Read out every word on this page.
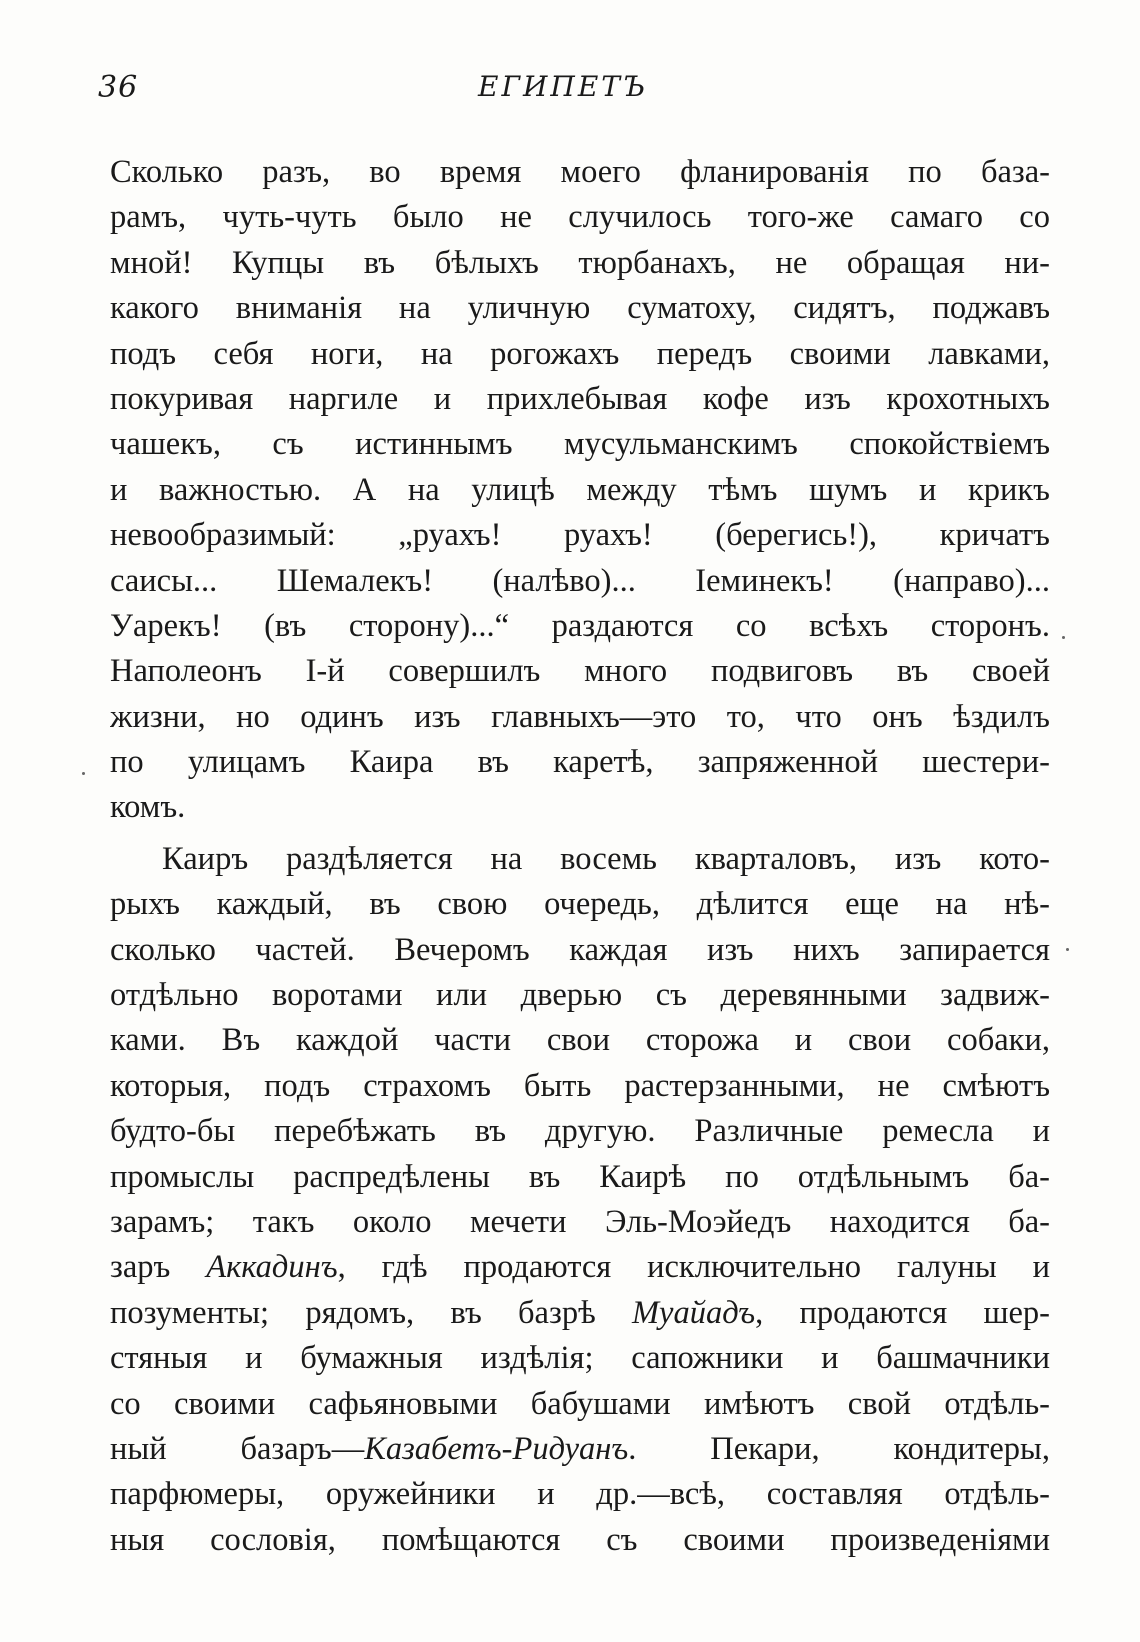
36	ЕГИПЕТЪ
Сколько разъ, во время моего фланированія по база-
рамъ, чуть-чуть было не случилось того-же самаго со
мной! Купцы въ бѣлыхъ тюрбанахъ, не обращая ни-
какого вниманія на уличную суматоху, сидятъ, поджавъ
подъ себя ноги, на рогожахъ передъ своими лавками,
покуривая наргиле и прихлебывая кофе изъ крохотныхъ
чашекъ, съ истиннымъ мусульманскимъ спокойствіемъ
и важностью. А на улицѣ между тѣмъ шумъ и крикъ
невообразимый: „руахъ! руахъ! (берегись!), кричатъ
саисы... Шемалекъ! (налѣво)... Іеминекъ! (направо)...
Уарекъ! (въ сторону)...“ раздаются со всѣхъ сторонъ.
Наполеонъ І-й совершилъ много подвиговъ въ своей
жизни, но одинъ изъ главныхъ—это то, что онъ ѣздилъ
по улицамъ Каира въ каретѣ, запряженной шестери-
комъ.
Каиръ раздѣляется на восемь кварталовъ, изъ кото-
рыхъ каждый, въ свою очередь, дѣлится еще на нѣ-
сколько частей. Вечеромъ каждая изъ нихъ запирается
отдѣльно воротами или дверью съ деревянными задвиж-
ками. Въ каждой части свои сторожа и свои собаки,
которыя, подъ страхомъ быть растерзанными, не смѣютъ
будто-бы перебѣжать въ другую. Различные ремесла и
промыслы распредѣлены въ Каирѣ по отдѣльнымъ ба-
зарамъ; такъ около мечети Эль-Моэйедъ находится ба-
заръ Аккадинъ, гдѣ продаются исключительно галуны и
позументы; рядомъ, въ базрѣ Муайадъ, продаются шер-
стяныя и бумажныя издѣлія; сапожники и башмачники
со своими сафьяновыми бабушами имѣютъ свой отдѣль-
ный базаръ—Казабетъ-Ридуанъ. Пекари, кондитеры,
парфюмеры, оружейники и др.—всѣ, составляя отдѣль-
ныя сословія, помѣщаются съ своими произведеніями
